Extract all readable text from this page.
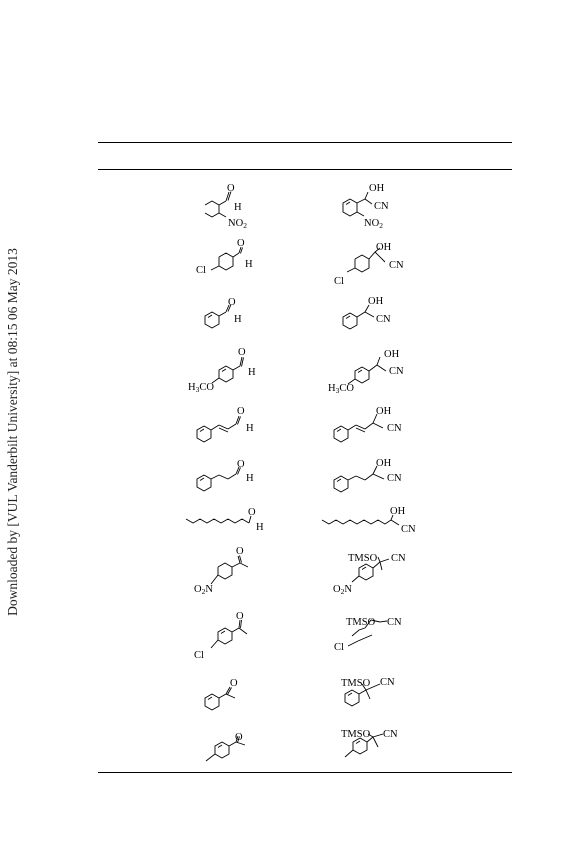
Downloaded by [VUL Vanderbilt University] at 08:15 06 May 2013
O
H
NO2
OH
CN
NO2
O
H
Cl
OH
CN
Cl
O
H
OH
CN
O
H
H3CO
OH
CN
H3CO
O
H
OH
CN
O
H
OH
CN
O
H
OH
CN
O
O2N
TMSO CN
O2N
O
Cl
TMSO CN
Cl
O	TMSO CN
O	TMSO CN
